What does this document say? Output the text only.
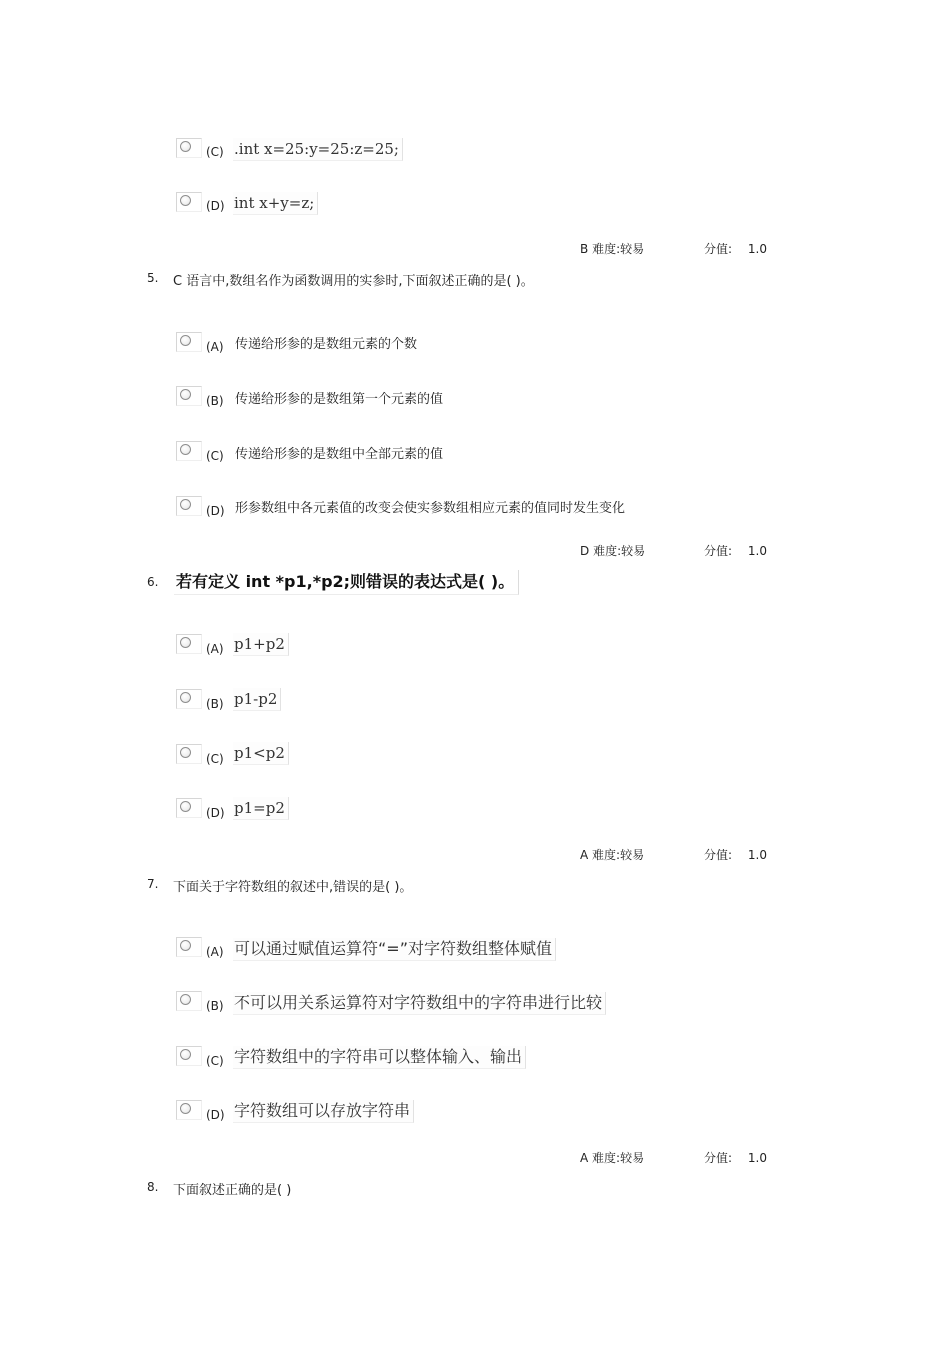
(C) .int x=25:y=25:z=25;
(D) int x+y=z;
B 难度:较易	分值: 1.0
5. C 语言中,数组名作为函数调用的实参时,下面叙述正确的是( )。
(A) 传递给形参的是数组元素的个数
(B) 传递给形参的是数组第一个元素的值
(C) 传递给形参的是数组中全部元素的值
(D) 形参数组中各元素值的改变会使实参数组相应元素的值同时发生变化
D 难度:较易	分值: 1.0
6. 若有定义 int *p1,*p2;则错误的表达式是( )。
(A) p1+p2
(B) p1-p2
(C) p1<p2
(D) p1=p2
A 难度:较易	分值: 1.0
7. 下面关于字符数组的叙述中,错误的是( )。
(A) 可以通过赋值运算符“=”对字符数组整体赋值
(B) 不可以用关系运算符对字符数组中的字符串进行比较
(C) 字符数组中的字符串可以整体输入、输出
(D) 字符数组可以存放字符串
A 难度:较易	分值: 1.0
8. 下面叙述正确的是( )
